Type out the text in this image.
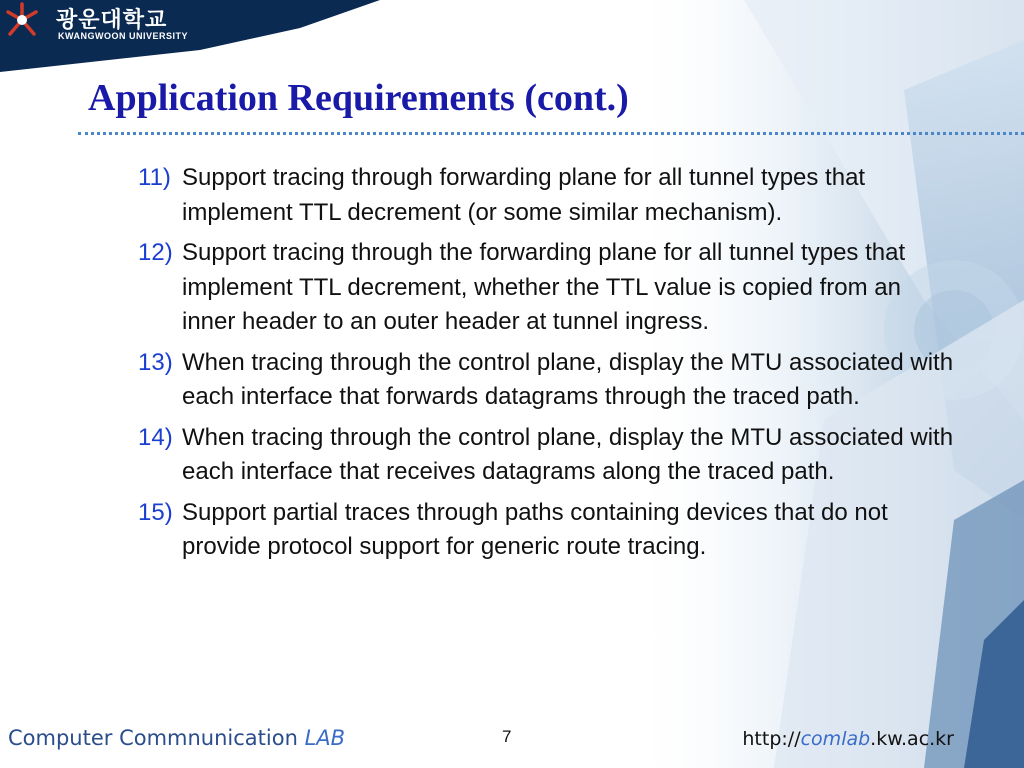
광운대학교
KWANGWOON UNIVERSITY
Application Requirements (cont.)
11) Support tracing through forwarding plane for all tunnel types that implement TTL decrement (or some similar mechanism).
12) Support tracing through the forwarding plane for all tunnel types that implement TTL decrement, whether the TTL value is copied from an inner header to an outer header at tunnel ingress.
13) When tracing through the control plane, display the MTU associated with each interface that forwards datagrams through the traced path.
14) When tracing through the control plane, display the MTU associated with each interface that receives datagrams along the traced path.
15) Support partial traces through paths containing devices that do not provide protocol support for generic route tracing.
Computer Commnunication LAB	7	http://comlab.kw.ac.kr
